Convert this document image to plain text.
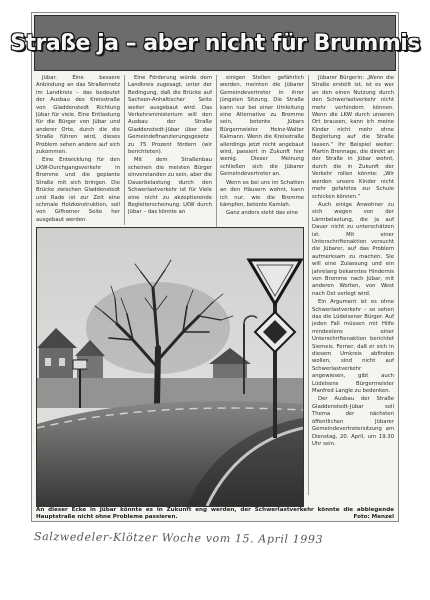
Straße ja – aber nicht für Brummis

Jübar. Eine bessere Anbindung an das Straßennetz im Landkreis – das bedeutet der Ausbau des Kreisstraße von Gladdenstedt Richtung Jübar für viele. Eine Entlastung für die Bürger von Jübar und anderer Orte, durch die die Straße führen wird, dieses Problem sehen andere auf sich zukommen.

Eine Entwicklung für den LKW-Durchgangsverkehr in Bromme und die geplante Straße mit sich bringen. Die Brücke zwischen Gladdenstedt und Rade ist zur Zeit eine schmale Holzkonstruktion, soll von Gifhorner Seite her ausgebaut werden.

Eine Förderung würde dem Landkreis zugesagt, unter der Bedingung, daß die Brücke auf Sachsen-Anhaltischer Seite weiter ausgebaut wird. Das Verkehrsministerium will den Ausbau der Straße Gladdenstedt-Jübar über das Gemeindefinanzierungsgesetz zu 75 Prozent fördern (wir berichteten).

Mit dem Straßenbau scheinen die meisten Bürger einverstanden zu sein, aber die Dauerbelastung durch den Schwerlastverkehr ist für Viele eine nicht zu akzeptierende Begleiterscheinung. LKW durch Jübar – das könnte an

einigen Stellen gefährlich werden, meinten die Jübarer Gemeindevertreter in ihrer jüngsten Sitzung. Die Straße kann nur bei einer Umleitung eine Alternative zu Bromme sein, betonte Jübars Bürgermeister Heinz-Walter Kalmann. Wenn die Kreisstraße allerdings jetzt nicht angebaut wird, passiert in Zukunft hier wenig. Dieser Meinung schließen sich die Jübarer Gemeindevertreter an.

Wenn es bei uns im Schatten an den Häusern wohnt, kann ich nur, wie die Bromme kämpfen, betonte Kamlah.

Ganz anders sieht das eine

Jübarer Bürgerin: „Wenn die Straße erstellt ist, ist es wer an den einen Nutzung durch den Schwerlastverkehr nicht mehr verhindern können. Wenn die LKW durch unseren Ort brausen, kann ich meine Kinder nicht mehr ohne Begleitung auf die Straße lassen.“ Ihr Beispiel weiter: Martin Brennage, die direkt an der Straße in Jübar wohnt, durch die in Zukunft der Verkehr rollen könnte: „Wir werden unsere Kinder nicht mehr gefahrlos zur Schule schicken können.“

Auch einige Anwohner zu sich wegen von der Lärmbelastung, die ja auf Dauer nicht zu unterschätzen ist. Mit einer Unterschriftenaktion versucht die Jübarer, auf das Problem aufmerksam zu machen. Sie will eine Zulassung und ein jahrelang bekanntes Hindernis von Bromme nach Jübar, mit anderen Worten, von West nach Ost verlegt wird.

Ein Argument ist es ohne Schwerlastverkehr – so sehen das die Lüdelsener Bürger. Auf jeden Fall müssen mit Hilfe mindestens einer Unterschriftenaktion berichtet Siemeis. Ferner, daß er sich in diesem Umkreis abfinden wollen, sind nicht auf Schwerlastverkehr angewiesen, gibt auch Lüdelsens Bürgermeister Manfred Langle zu bedenken.

Der Ausbau der Straße Gladdenstedt-Jübar soll Thema der nächsten öffentlichen Jübarer Gemeindevertretersitzung am Dienstag, 20. April, um 19.30 Uhr sein.

An dieser Ecke in Jübar könnte es in Zukunft eng werden, der Schwerlastverkehr könnte die abbiegende Hauptstraße nicht ohne Probleme passieren.	Foto: Menzel
Salzwedeler-Klötzer Woche vom 15. April 1993
